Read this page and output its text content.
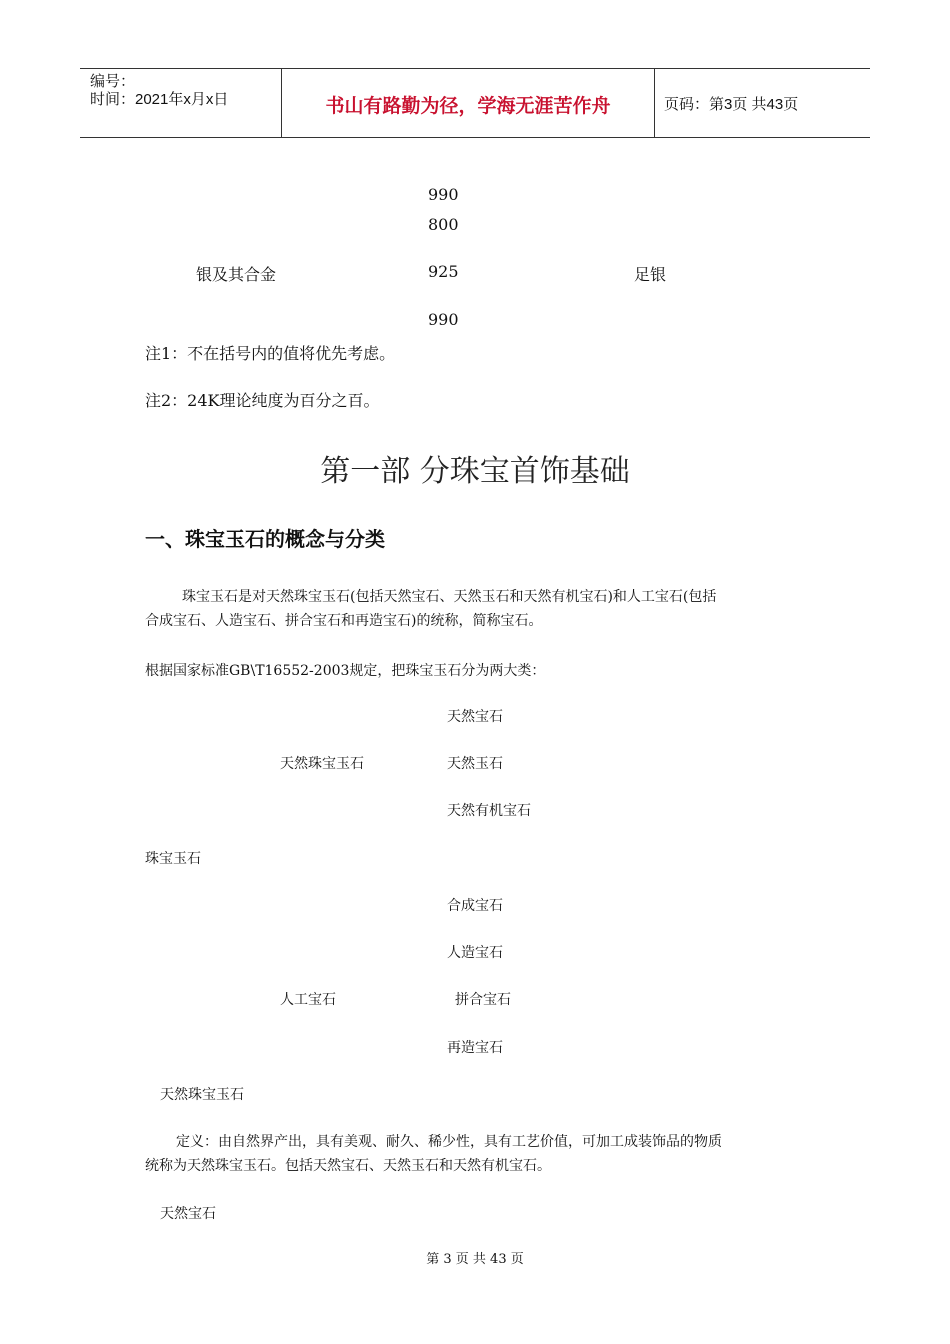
编号：
时间：2021年x月x日	书山有路勤为径，学海无涯苦作舟	页码：第3页 共43页
990
800
银及其合金	925	足银
990
注1：不在括号内的值将优先考虑。
注2：24K理论纯度为百分之百。
第一部 分珠宝首饰基础
一、珠宝玉石的概念与分类
珠宝玉石是对天然珠宝玉石(包括天然宝石、天然玉石和天然有机宝石)和人工宝石(包括
合成宝石、人造宝石、拼合宝石和再造宝石)的统称，简称宝石。
根据国家标准GB\T16552-2003规定，把珠宝玉石分为两大类：
天然宝石
天然珠宝玉石	天然玉石
天然有机宝石
珠宝玉石
合成宝石
人造宝石
人工宝石	拼合宝石
再造宝石
天然珠宝玉石
定义：由自然界产出，具有美观、耐久、稀少性，具有工艺价值，可加工成装饰品的物质
统称为天然珠宝玉石。包括天然宝石、天然玉石和天然有机宝石。
天然宝石
第 3 页 共 43 页
